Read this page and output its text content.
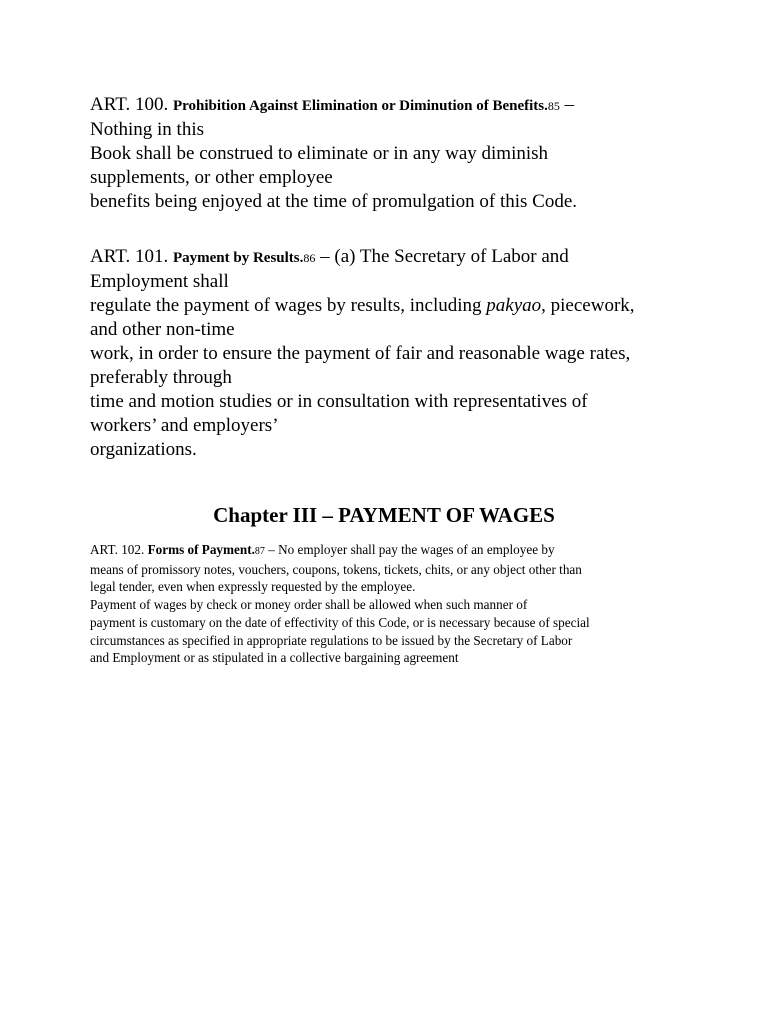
ART. 100. Prohibition Against Elimination or Diminution of Benefits.85 –
Nothing in this
Book shall be construed to eliminate or in any way diminish
supplements, or other employee
benefits being enjoyed at the time of promulgation of this Code.
ART. 101. Payment by Results.86 – (a) The Secretary of Labor and
Employment shall
regulate the payment of wages by results, including pakyao, piecework,
and other non-time
work, in order to ensure the payment of fair and reasonable wage rates,
preferably through
time and motion studies or in consultation with representatives of
workers’ and employers’
organizations.
Chapter III – PAYMENT OF WAGES
ART. 102. Forms of Payment.87 – No employer shall pay the wages of an employee by
means of promissory notes, vouchers, coupons, tokens, tickets, chits, or any object other than
legal tender, even when expressly requested by the employee.
Payment of wages by check or money order shall be allowed when such manner of
payment is customary on the date of effectivity of this Code, or is necessary because of special
circumstances as specified in appropriate regulations to be issued by the Secretary of Labor
and Employment or as stipulated in a collective bargaining agreement
